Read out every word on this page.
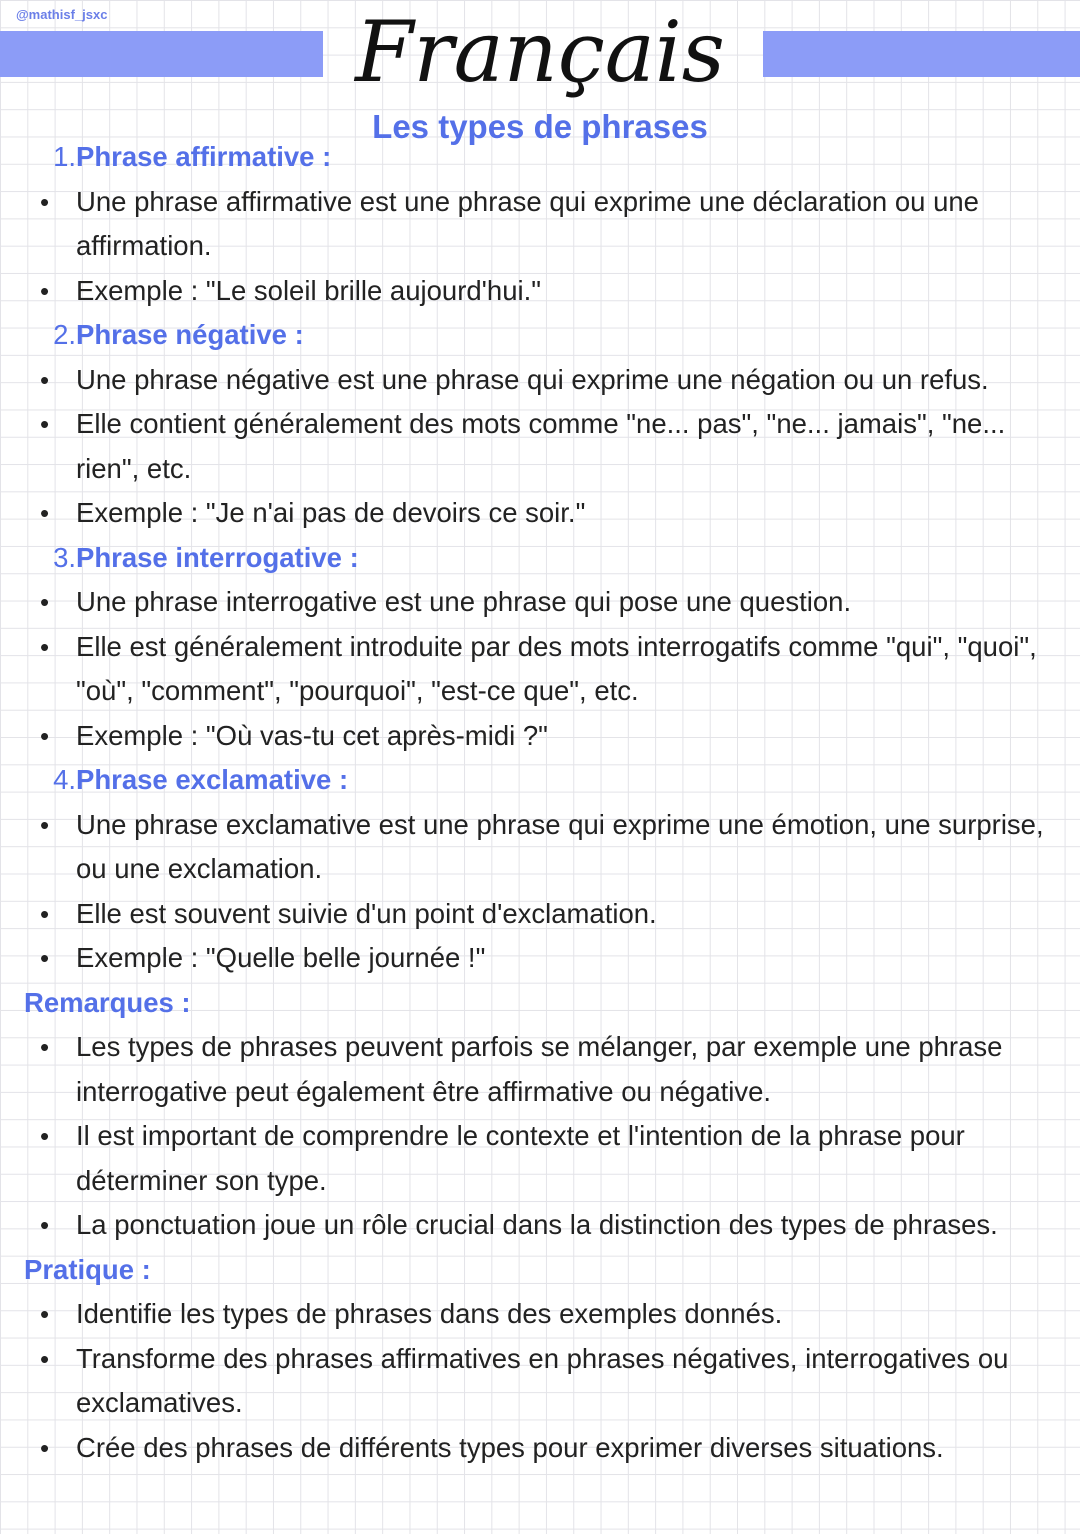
@mathisf_jsxc	Français
Les types de phrases
1. Phrase affirmative :
• Une phrase affirmative est une phrase qui exprime une déclaration ou une affirmation.
• Exemple : "Le soleil brille aujourd'hui."
2. Phrase négative :
• Une phrase négative est une phrase qui exprime une négation ou un refus.
• Elle contient généralement des mots comme "ne... pas", "ne... jamais", "ne... rien", etc.
• Exemple : "Je n'ai pas de devoirs ce soir."
3. Phrase interrogative :
• Une phrase interrogative est une phrase qui pose une question.
• Elle est généralement introduite par des mots interrogatifs comme "qui", "quoi", "où", "comment", "pourquoi", "est-ce que", etc.
• Exemple : "Où vas-tu cet après-midi ?"
4. Phrase exclamative :
• Une phrase exclamative est une phrase qui exprime une émotion, une surprise, ou une exclamation.
• Elle est souvent suivie d'un point d'exclamation.
• Exemple : "Quelle belle journée !"
Remarques :
• Les types de phrases peuvent parfois se mélanger, par exemple une phrase interrogative peut également être affirmative ou négative.
• Il est important de comprendre le contexte et l'intention de la phrase pour déterminer son type.
• La ponctuation joue un rôle crucial dans la distinction des types de phrases.
Pratique :
• Identifie les types de phrases dans des exemples donnés.
• Transforme des phrases affirmatives en phrases négatives, interrogatives ou exclamatives.
• Crée des phrases de différents types pour exprimer diverses situations.
